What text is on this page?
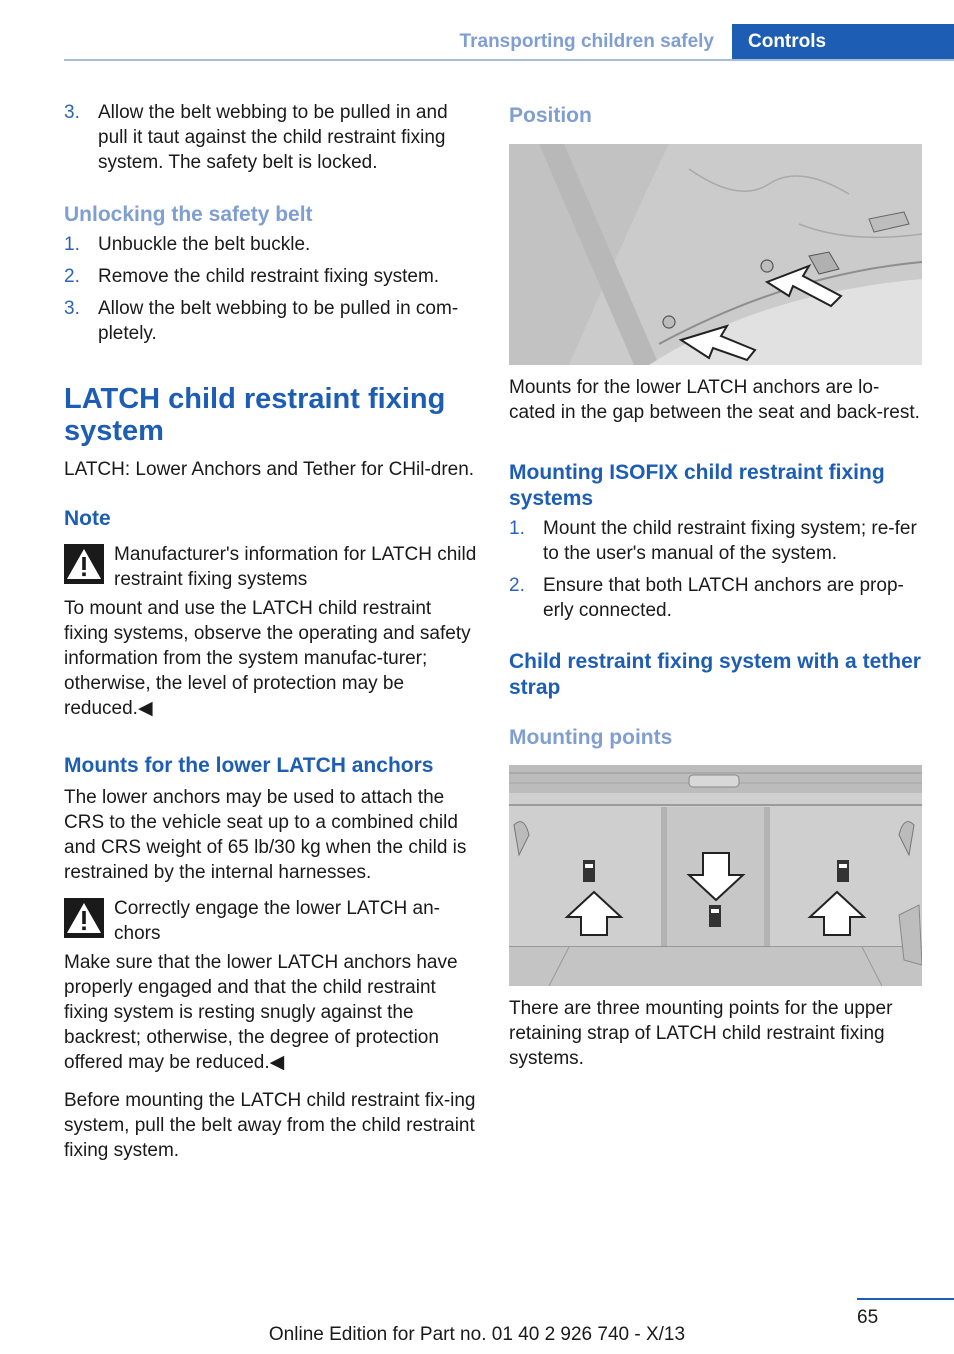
Transporting children safely	Controls
3. Allow the belt webbing to be pulled in and pull it taut against the child restraint fixing system. The safety belt is locked.
Unlocking the safety belt
1. Unbuckle the belt buckle.
2. Remove the child restraint fixing system.
3. Allow the belt webbing to be pulled in com‐pletely.
LATCH child restraint fixing system
LATCH: Lower Anchors and Tether for CHil‐dren.
Note
Manufacturer's information for LATCH child restraint fixing systems
To mount and use the LATCH child restraint fixing systems, observe the operating and safety information from the system manufac‐turer; otherwise, the level of protection may be reduced.◀
Mounts for the lower LATCH anchors
The lower anchors may be used to attach the CRS to the vehicle seat up to a combined child and CRS weight of 65 lb/30 kg when the child is restrained by the internal harnesses.
Correctly engage the lower LATCH an‐chors
Make sure that the lower LATCH anchors have properly engaged and that the child restraint fixing system is resting snugly against the backrest; otherwise, the degree of protection offered may be reduced.◀
Before mounting the LATCH child restraint fix‐ing system, pull the belt away from the child restraint fixing system.
Position
Mounts for the lower LATCH anchors are lo‐cated in the gap between the seat and back‐rest.
Mounting ISOFIX child restraint fixing systems
1. Mount the child restraint fixing system; re‐fer to the user's manual of the system.
2. Ensure that both LATCH anchors are prop‐erly connected.
Child restraint fixing system with a tether strap
Mounting points
There are three mounting points for the upper retaining strap of LATCH child restraint fixing systems.
65
Online Edition for Part no. 01 40 2 926 740 - X/13
